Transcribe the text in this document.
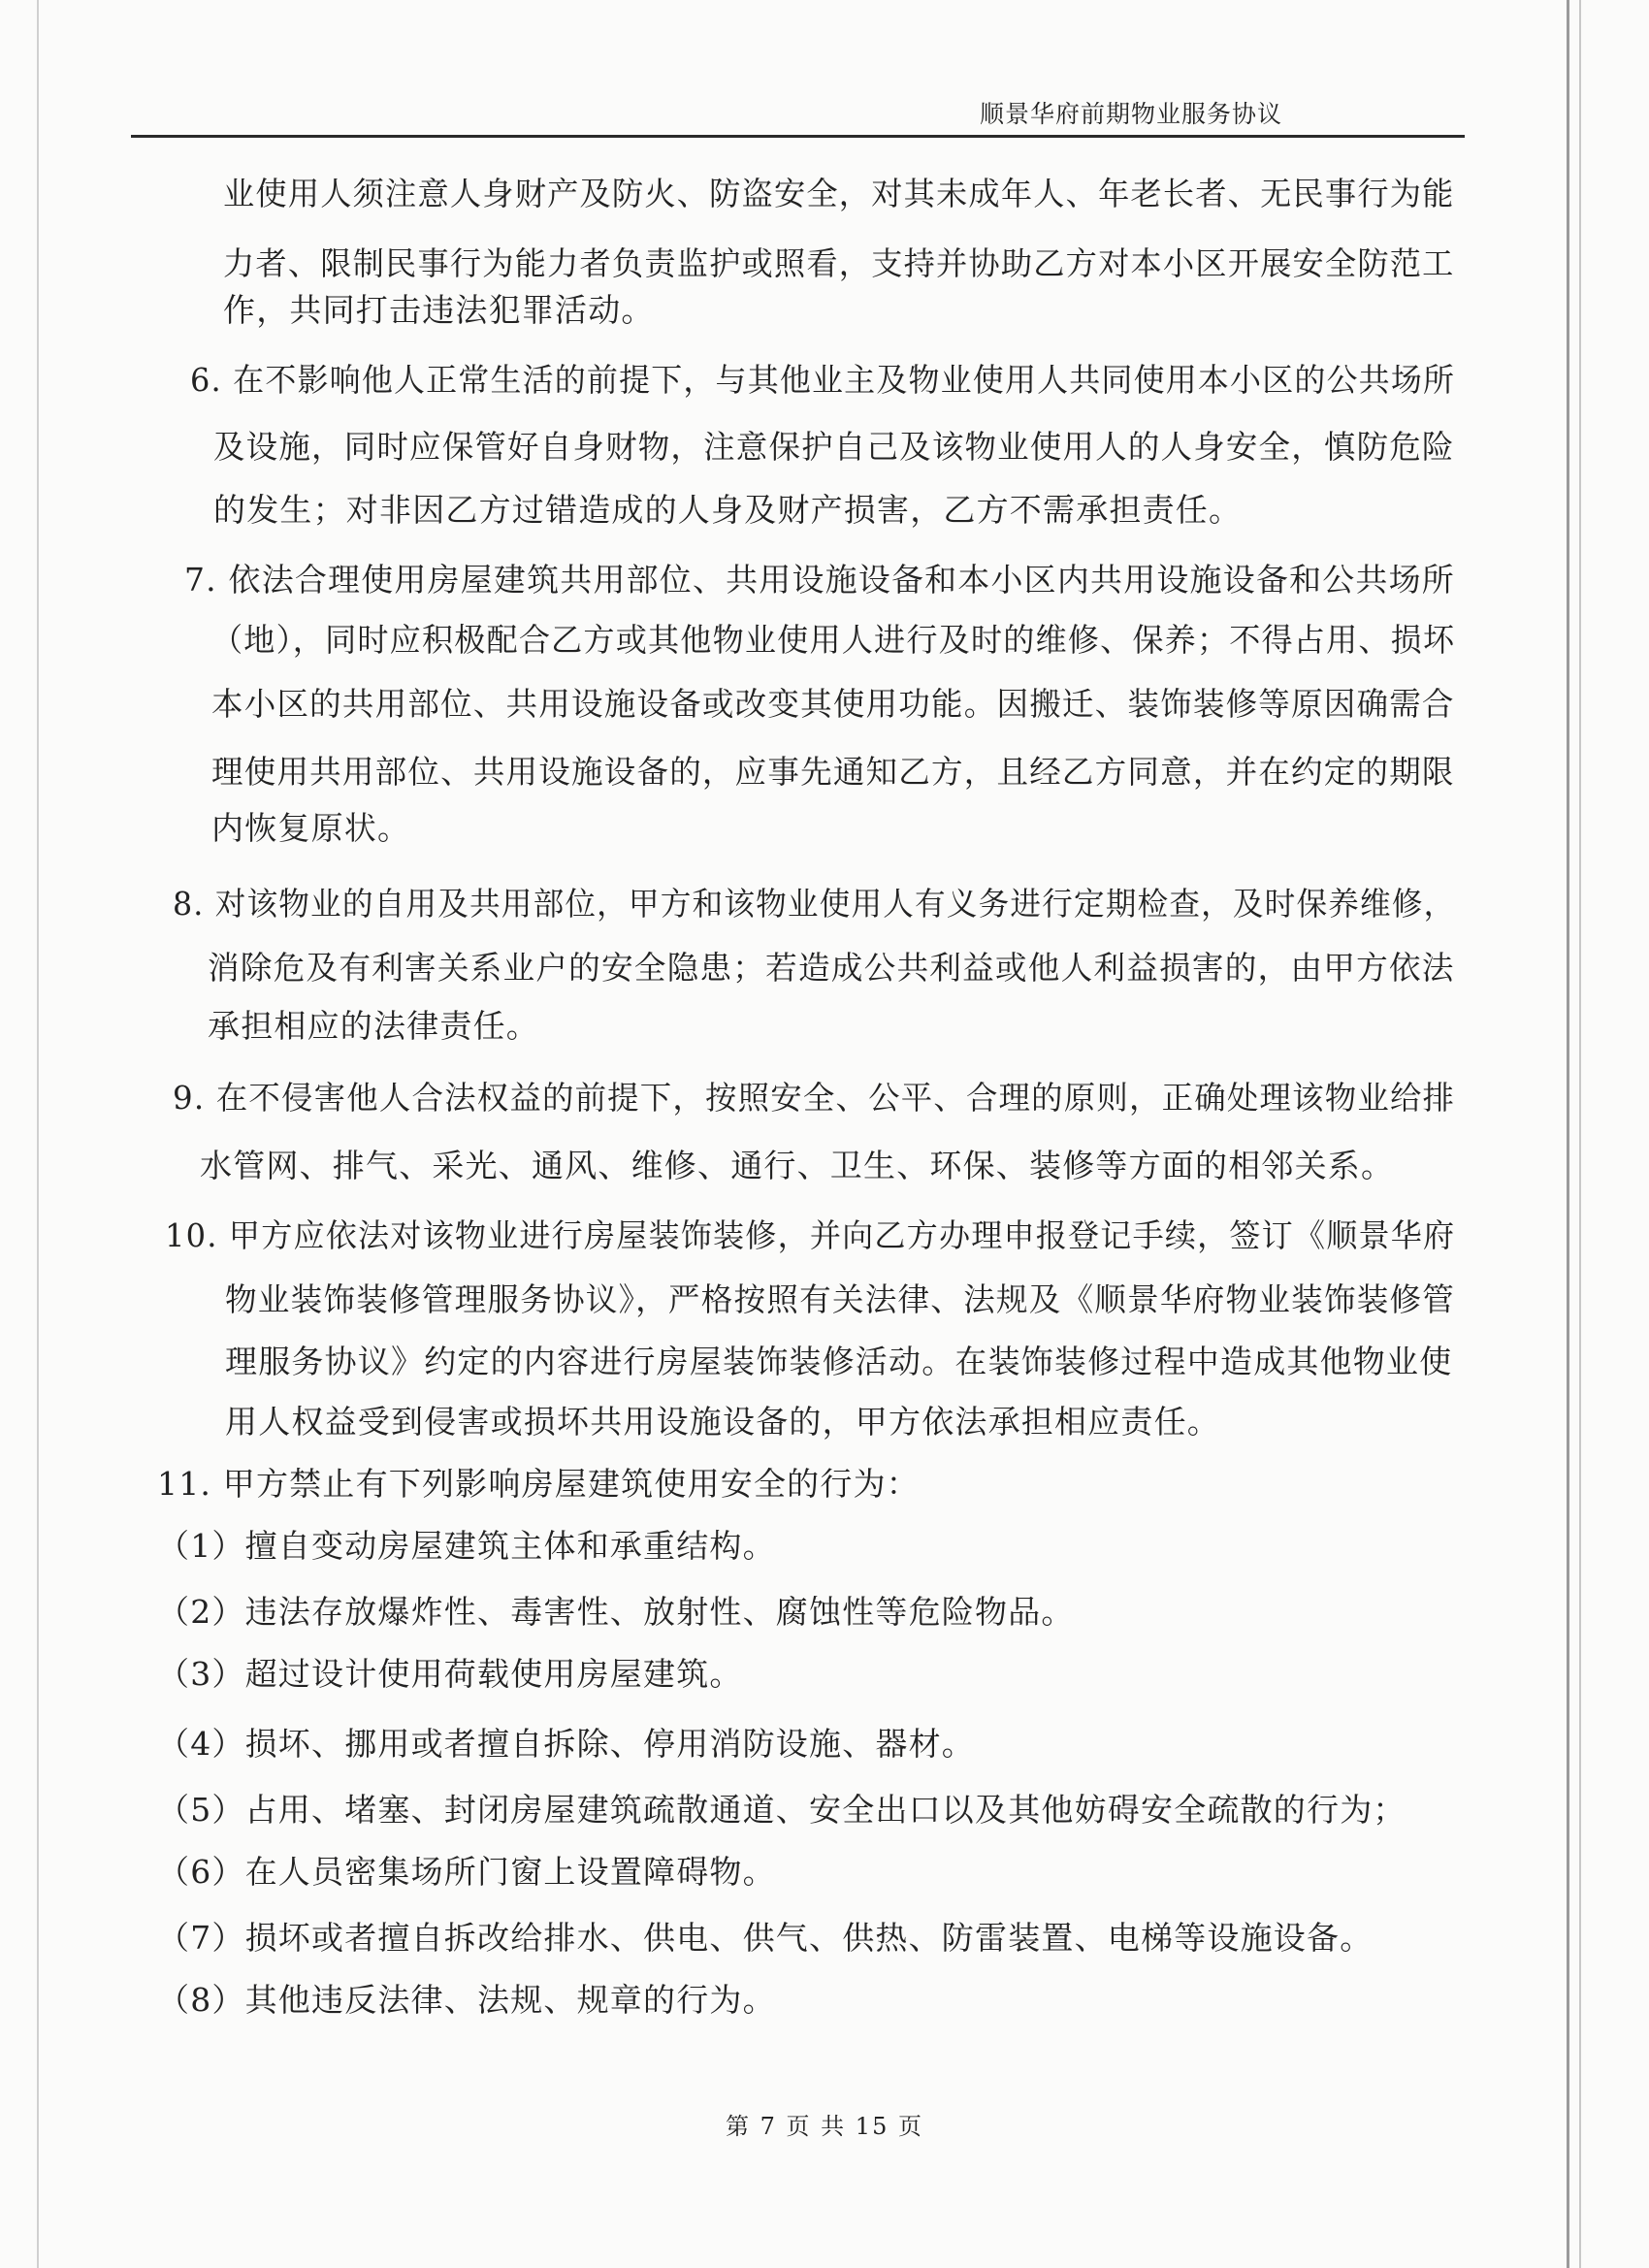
顺景华府前期物业服务协议
业使用人须注意人身财产及防火、防盗安全，对其未成年人、年老长者、无民事行为能
力者、限制民事行为能力者负责监护或照看，支持并协助乙方对本小区开展安全防范工
作，共同打击违法犯罪活动。
6. 在不影响他人正常生活的前提下，与其他业主及物业使用人共同使用本小区的公共场所
及设施，同时应保管好自身财物，注意保护自己及该物业使用人的人身安全，慎防危险
的发生；对非因乙方过错造成的人身及财产损害，乙方不需承担责任。
7. 依法合理使用房屋建筑共用部位、共用设施设备和本小区内共用设施设备和公共场所
（地），同时应积极配合乙方或其他物业使用人进行及时的维修、保养；不得占用、损坏
本小区的共用部位、共用设施设备或改变其使用功能。因搬迁、装饰装修等原因确需合
理使用共用部位、共用设施设备的，应事先通知乙方，且经乙方同意，并在约定的期限
内恢复原状。
8. 对该物业的自用及共用部位，甲方和该物业使用人有义务进行定期检查，及时保养维修，
消除危及有利害关系业户的安全隐患；若造成公共利益或他人利益损害的，由甲方依法
承担相应的法律责任。
9. 在不侵害他人合法权益的前提下，按照安全、公平、合理的原则，正确处理该物业给排
水管网、排气、采光、通风、维修、通行、卫生、环保、装修等方面的相邻关系。
10. 甲方应依法对该物业进行房屋装饰装修，并向乙方办理申报登记手续，签订《顺景华府
物业装饰装修管理服务协议》，严格按照有关法律、法规及《顺景华府物业装饰装修管
理服务协议》约定的内容进行房屋装饰装修活动。在装饰装修过程中造成其他物业使
用人权益受到侵害或损坏共用设施设备的，甲方依法承担相应责任。
11. 甲方禁止有下列影响房屋建筑使用安全的行为：
（1）擅自变动房屋建筑主体和承重结构。
（2）违法存放爆炸性、毒害性、放射性、腐蚀性等危险物品。
（3）超过设计使用荷载使用房屋建筑。
（4）损坏、挪用或者擅自拆除、停用消防设施、器材。
（5）占用、堵塞、封闭房屋建筑疏散通道、安全出口以及其他妨碍安全疏散的行为；
（6）在人员密集场所门窗上设置障碍物。
（7）损坏或者擅自拆改给排水、供电、供气、供热、防雷装置、电梯等设施设备。
（8）其他违反法律、法规、规章的行为。
第 7 页 共 15 页
